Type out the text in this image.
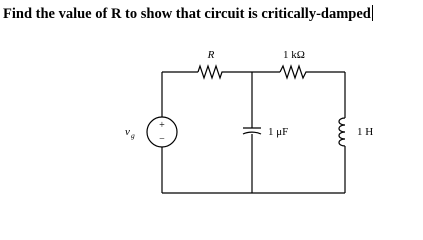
Find the value of R to show that circuit is critically-damped
+
−
R	1 kΩ
1 μF	1 H
v g
